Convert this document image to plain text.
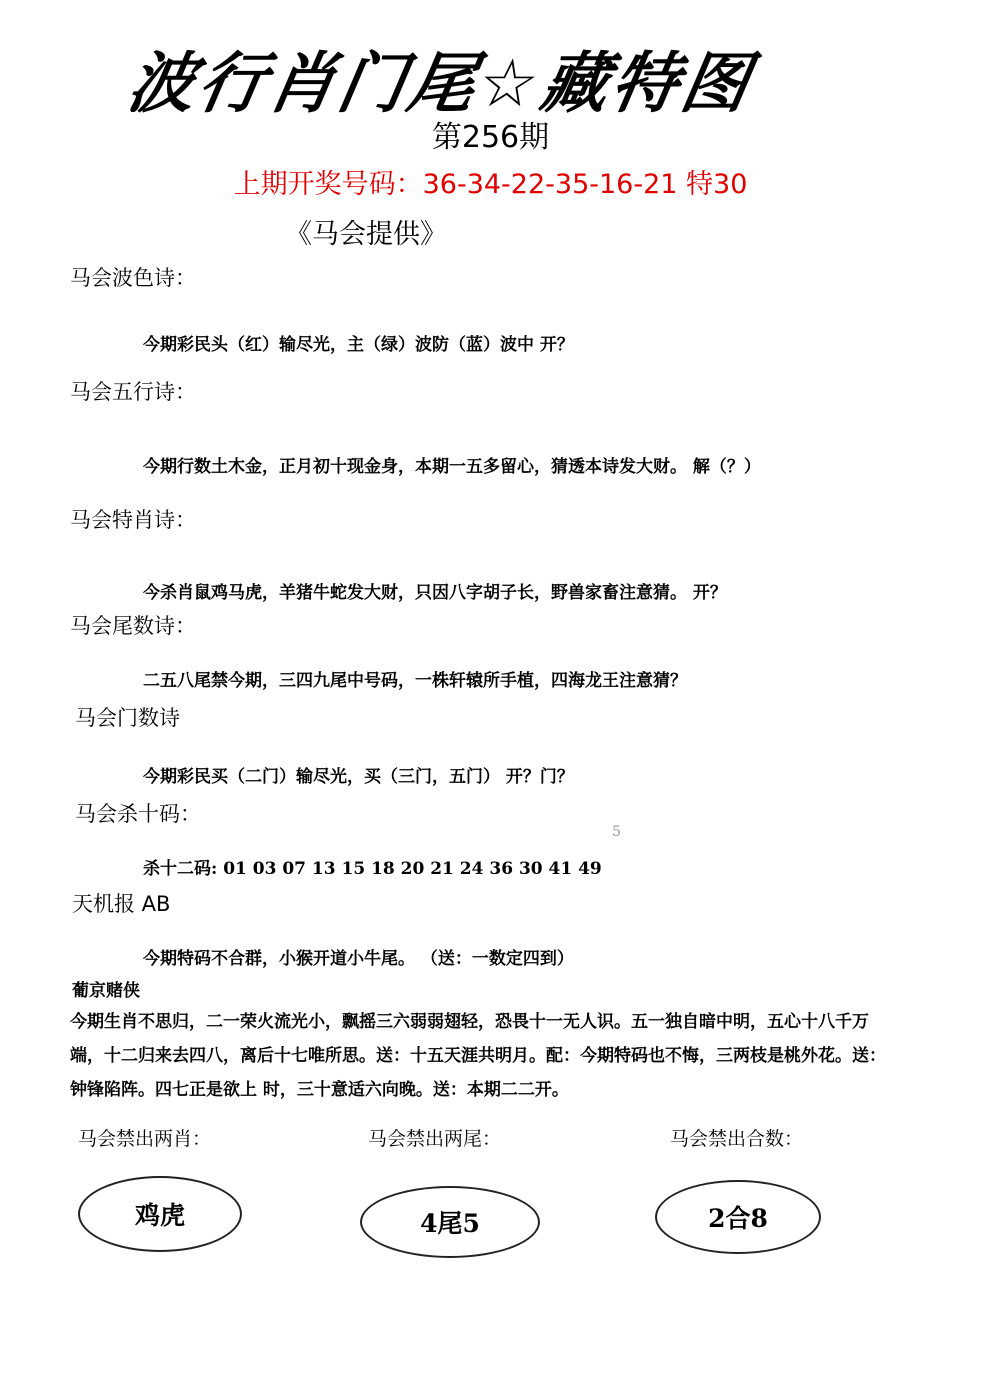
波行肖门尾☆藏特图
第256期
上期开奖号码：36-34-22-35-16-21 特30
《马会提供》
马会波色诗：
今期彩民头（红）输尽光，主（绿）波防（蓝）波中 开？
马会五行诗：
今期行数土木金，正月初十现金身，本期一五多留心，猜透本诗发大财。 解（？）
马会特肖诗：
今杀肖鼠鸡马虎，羊猪牛蛇发大财，只因八字胡子长，野兽家畜注意猜。 开？
马会尾数诗：
二五八尾禁今期，三四九尾中号码，一株轩辕所手植，四海龙王注意猜？
马会门数诗
今期彩民买（二门）输尽光，买（三门，五门） 开？门？
马会杀十码：
5
杀十二码: 01 03 07 13 15 18 20 21 24 36 30 41 49
天机报 AB
今期特码不合群，小猴开道小牛尾。 （送：一数定四到）
葡京赌侠
今期生肖不思归，二一荣火流光小，飘摇三六弱弱翅轻，恐畏十一无人识。五一独自暗中明，五心十八千万端，十二归来去四八，离后十七唯所思。送：十五天涯共明月。配：今期特码也不悔，三两枝是桃外花。送：钟锋陷阵。四七正是欲上 时，三十意适六向晚。送：本期二二开。
马会禁出两肖：	马会禁出两尾：	马会禁出合数：
鸡虎	4尾5	2合8
